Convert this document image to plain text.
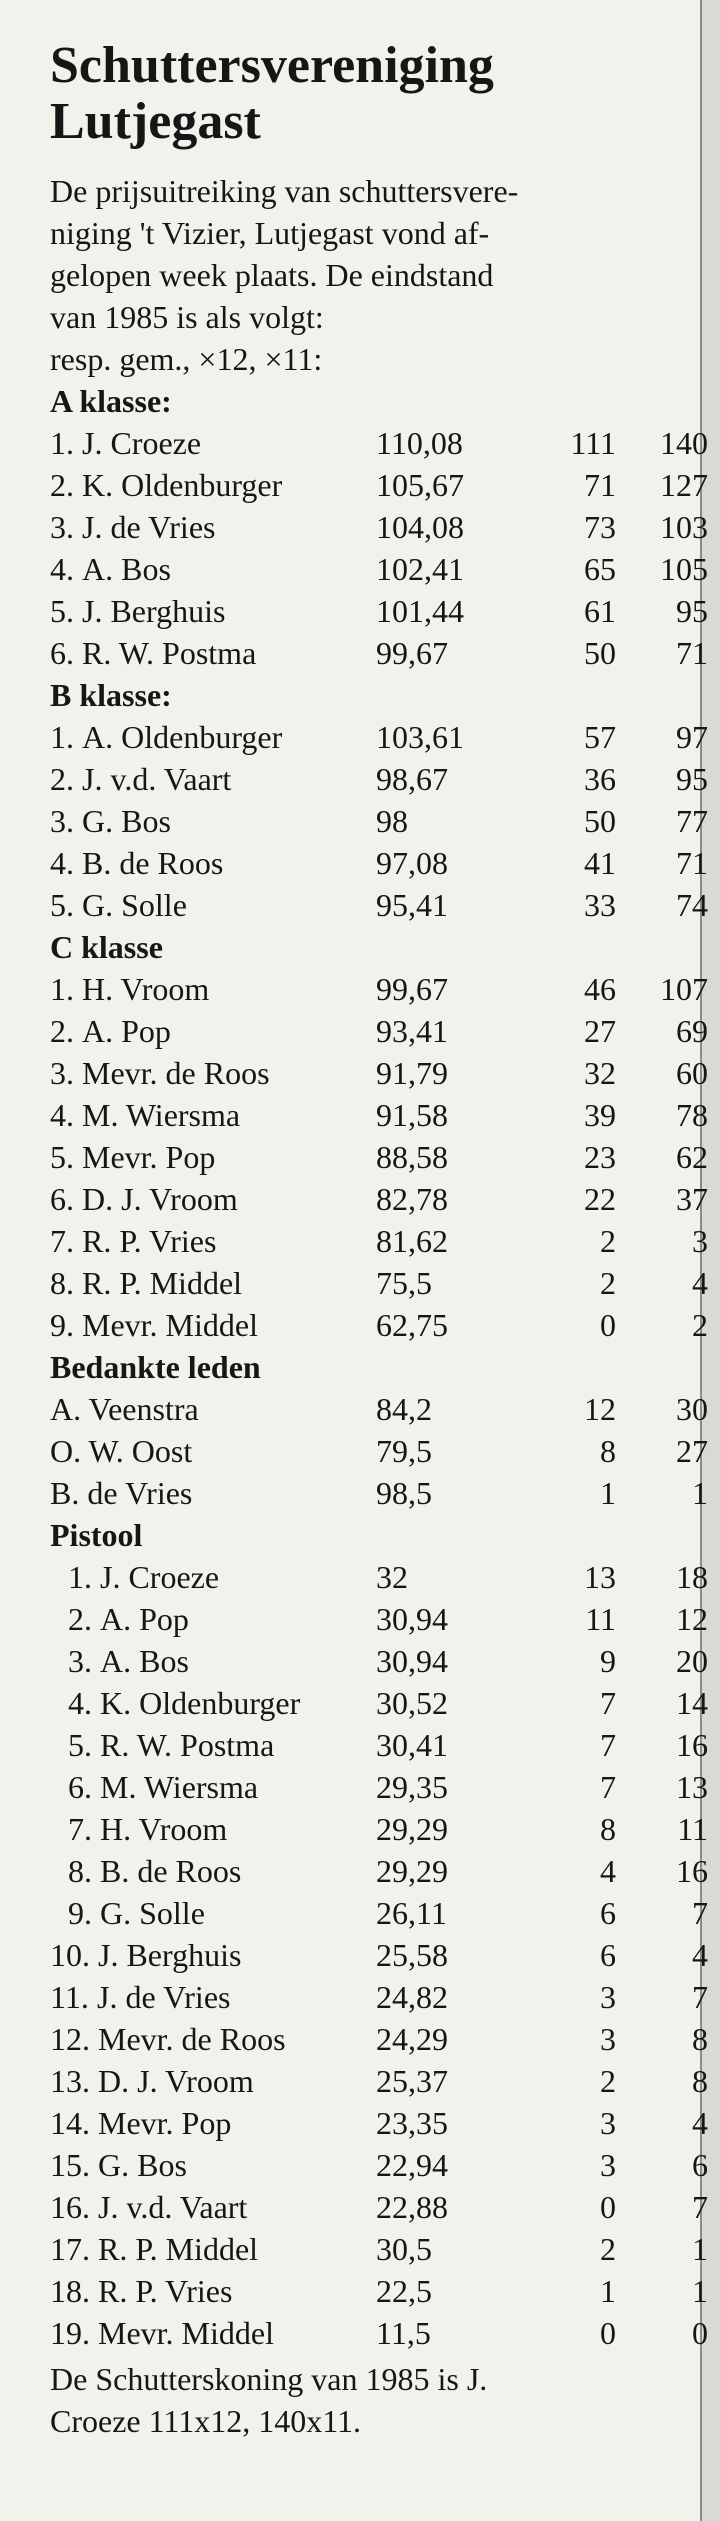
Schuttersvereniging
Lutjegast
De prijsuitreiking van schuttersvere-
niging 't Vizier, Lutjegast vond af-
gelopen week plaats. De eindstand
van 1985 is als volgt:
resp. gem., ×12, ×11:
A klasse:
1. J. Croeze	110,08	111	140
2. K. Oldenburger	105,67	71	127
3. J. de Vries	104,08	73	103
4. A. Bos	102,41	65	105
5. J. Berghuis	101,44	61	95
6. R. W. Postma	99,67	50	71
B klasse:
1. A. Oldenburger	103,61	57	97
2. J. v.d. Vaart	98,67	36	95
3. G. Bos	98	50	77
4. B. de Roos	97,08	41	71
5. G. Solle	95,41	33	74
C klasse
1. H. Vroom	99,67	46	107
2. A. Pop	93,41	27	69
3. Mevr. de Roos	91,79	32	60
4. M. Wiersma	91,58	39	78
5. Mevr. Pop	88,58	23	62
6. D. J. Vroom	82,78	22	37
7. R. P. Vries	81,62	2	3
8. R. P. Middel	75,5	2	4
9. Mevr. Middel	62,75	0	2
Bedankte leden
A. Veenstra	84,2	12	30
O. W. Oost	79,5	8	27
B. de Vries	98,5	1	1
Pistool
1. J. Croeze	32	13	18
2. A. Pop	30,94	11	12
3. A. Bos	30,94	9	20
4. K. Oldenburger 30,52	7	14
5. R. W. Postma	30,41	7	16
6. M. Wiersma	29,35	7	13
7. H. Vroom	29,29	8	11
8. B. de Roos	29,29	4	16
9. G. Solle	26,11	6	7
10. J. Berghuis	25,58	6	4
11. J. de Vries	24,82	3	7
12. Mevr. de Roos	24,29	3	8
13. D. J. Vroom	25,37	2	8
14. Mevr. Pop	23,35	3	4
15. G. Bos	22,94	3	6
16. J. v.d. Vaart	22,88	0	7
17. R. P. Middel	30,5	2	1
18. R. P. Vries	22,5	1	1
19. Mevr. Middel	11,5	0	0
De Schutterskoning van 1985 is J.
Croeze 111x12, 140x11.
